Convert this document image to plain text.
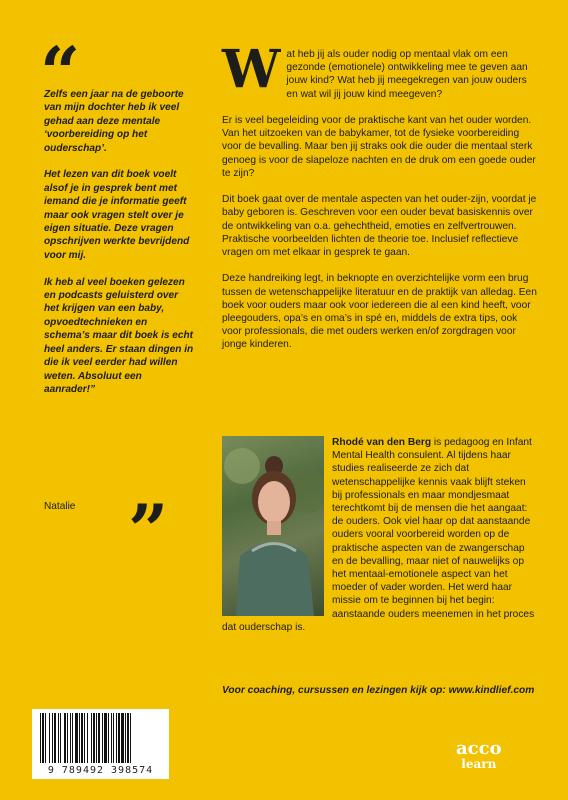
“

Zelfs een jaar na de geboorte van mijn dochter heb ik veel gehad aan deze mentale ‘voorbereiding op het ouderschap’.

Het lezen van dit boek voelt alsof je in gesprek bent met iemand die je informatie geeft maar ook vragen stelt over je eigen situatie. Deze vragen opschrijven werkte bevrijdend voor mij.

Ik heb al veel boeken gelezen en podcasts geluisterd over het krijgen van een baby, opvoedtechnieken en schema’s maar dit boek is echt heel anders. Er staan dingen in die ik veel eerder had willen weten. Absoluut een aanrader!”

Natalie ”

Wat heb jij als ouder nodig op mentaal vlak om een gezonde (emotionele) ontwikkeling mee te geven aan jouw kind? Wat heb jij meegekregen van jouw ouders en wat wil jij jouw kind meegeven?

Er is veel begeleiding voor de praktische kant van het ouder worden. Van het uitzoeken van de babykamer, tot de fysieke voorbereiding voor de bevalling. Maar ben jij straks ook die ouder die mentaal sterk genoeg is voor de slapeloze nachten en de druk om een goede ouder te zijn?

Dit boek gaat over de mentale aspecten van het ouder-zijn, voordat je baby geboren is. Geschreven voor een ouder bevat basiskennis over de ontwikkeling van o.a. gehechtheid, emoties en zelfvertrouwen. Praktische voorbeelden lichten de theorie toe. Inclusief reflectieve vragen om met elkaar in gesprek te gaan.

Deze handreiking legt, in beknopte en overzichtelijke vorm een brug tussen de wetenschappelijke literatuur en de praktijk van alledag. Een boek voor ouders maar ook voor iedereen die al een kind heeft, voor pleegouders, opa’s en oma’s in spé en, middels de extra tips, ook voor professionals, die met ouders werken en/of zorgdragen voor jonge kinderen.

Rhodé van den Berg is pedagoog en Infant Mental Health consulent. Al tijdens haar studies realiseerde ze zich dat wetenschappelijke kennis vaak blijft steken bij professionals en maar mondjesmaat terechtkomt bij de mensen die het aangaat: de ouders. Ook viel haar op dat aanstaande ouders vooral voorbereid worden op de praktische aspecten van de zwangerschap en de bevalling, maar niet of nauwelijks op het mentaal-emotionele aspect van het moeder of vader worden. Het werd haar missie om te beginnen bij het begin: aanstaande ouders meenemen in het proces dat ouderschap is.
Voor coaching, cursussen en lezingen kijk op: www.kindlief.com
9 789492 398574
acco
learn
